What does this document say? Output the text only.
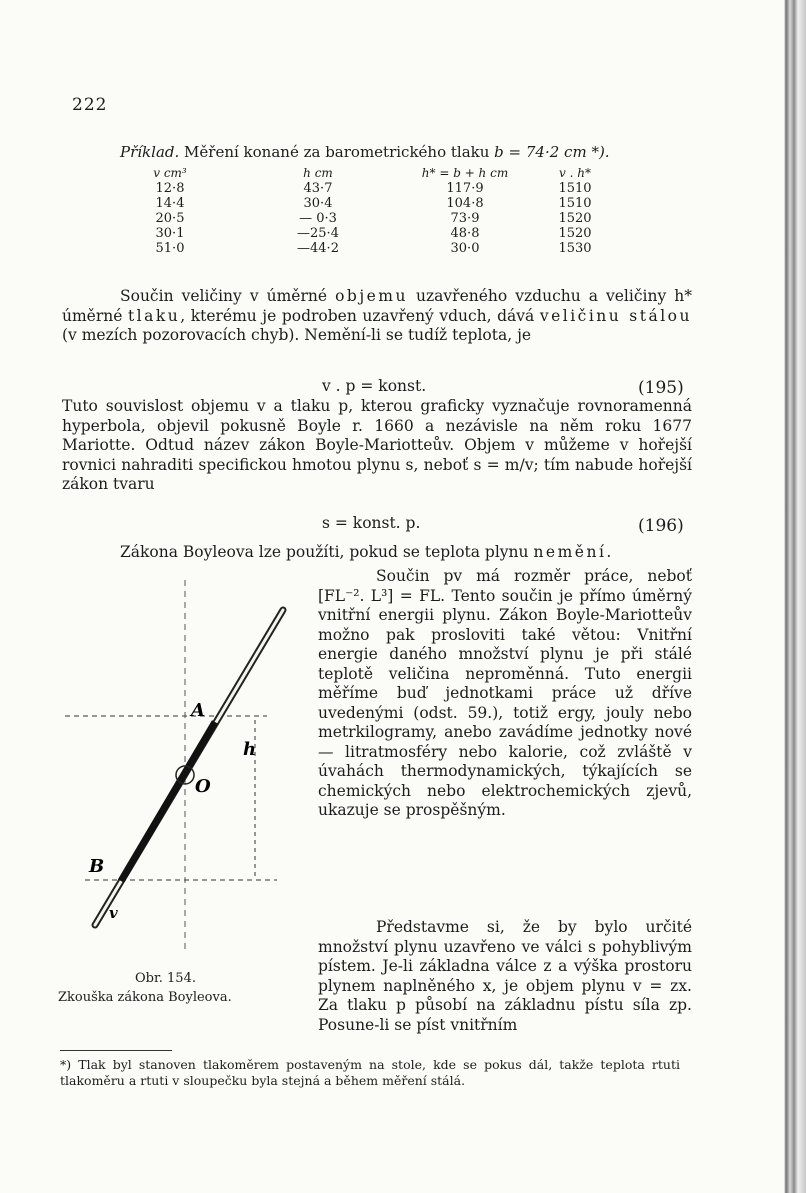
222
Příklad. Měření konané za barometrického tlaku b = 74·2 cm *).
v cm³
12·8
14·4
20·5
30·1
51·0
h cm
43·7
30·4
— 0·3
—25·4
—44·2
h* = b + h cm
117·9
104·8
73·9
48·8
30·0
v . h*
1510
1510
1520
1520
1530
Součin veličiny v úměrné objemu uzavřeného vzduchu a veličiny h* úměrné tlaku, kterému je podroben uzavřený vduch, dává veličinu stálou (v mezích pozorovacích chyb). Nemění-li se tudíž teplota, je
v . p = konst.	(195)
Tuto souvislost objemu v a tlaku p, kterou graficky vyznačuje rovnoramenná hyperbola, objevil pokusně Boyle r. 1660 a nezávisle na něm roku 1677 Mariotte. Odtud název zákon Boyle-Mariotteův. Objem v můžeme v hořejší rovnici nahraditi specifickou hmotou plynu s, neboť s = m/v; tím nabude hořejší zákon tvaru
s = konst. p.	(196)
Zákona Boyleova lze použíti, pokud se teplota plynu nemění.
Součin pv má rozměr práce, neboť [FL⁻². L³] = FL. Tento součin je přímo úměrný vnitřní energii plynu. Zákon Boyle-Mariotteův možno pak prosloviti také větou: Vnitřní energie daného množství plynu je při stálé teplotě veličina neproměnná. Tuto energii měříme buď jednotkami práce už dříve uvedenými (odst. 59.), totiž ergy, jouly nebo metrkilogramy, anebo zavádíme jednotky nové — litratmosféry nebo kalorie, což zvláště v úvahách thermodynamických, týkajících se chemických nebo elektrochemických zjevů, ukazuje se prospěšným.
Představme si, že by bylo určité množství plynu uzavřeno ve válci s pohyblivým pístem. Je-li základna válce z a výška prostoru plynem naplněného x, je objem plynu v = zx. Za tlaku p působí na základnu pístu síla zp. Posune-li se píst vnitřním
A
O
h
B
v
Obr. 154.
Zkouška zákona Boyleova.
*) Tlak byl stanoven tlakoměrem postaveným na stole, kde se pokus dál, takže teplota rtuti tlakoměru a rtuti v sloupečku byla stejná a během měření stálá.
